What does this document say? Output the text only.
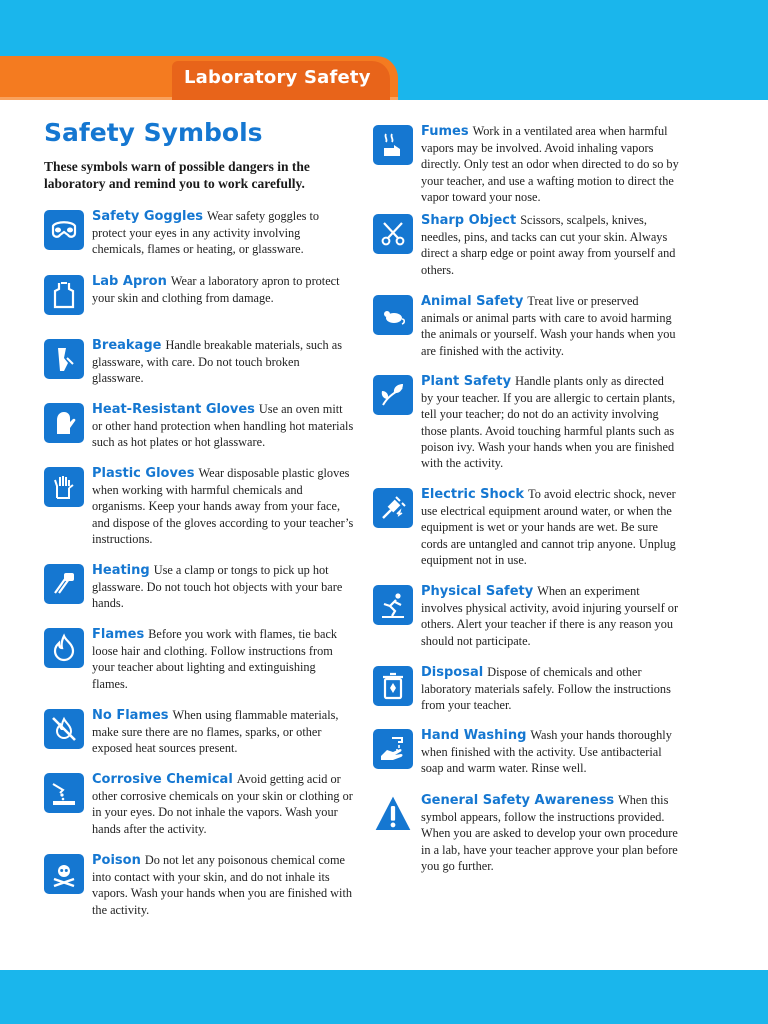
Laboratory Safety
Safety Symbols
These symbols warn of possible dangers in the laboratory and remind you to work carefully.
Safety Goggles Wear safety goggles to protect your eyes in any activity involving chemicals, flames or heating, or glassware.
Lab Apron Wear a laboratory apron to protect your skin and clothing from damage.
Breakage Handle breakable materials, such as glassware, with care. Do not touch broken glassware.
Heat-Resistant Gloves Use an oven mitt or other hand protection when handling hot materials such as hot plates or hot glassware.
Plastic Gloves Wear disposable plastic gloves when working with harmful chemicals and organisms. Keep your hands away from your face, and dispose of the gloves according to your teacher’s instructions.
Heating Use a clamp or tongs to pick up hot glassware. Do not touch hot objects with your bare hands.
Flames Before you work with flames, tie back loose hair and clothing. Follow instructions from your teacher about lighting and extinguishing flames.
No Flames When using flammable materials, make sure there are no flames, sparks, or other exposed heat sources present.
Corrosive Chemical Avoid getting acid or other corrosive chemicals on your skin or clothing or in your eyes. Do not inhale the vapors. Wash your hands after the activity.
Poison Do not let any poisonous chemical come into contact with your skin, and do not inhale its vapors. Wash your hands when you are finished with the activity.
Fumes Work in a ventilated area when harmful vapors may be involved. Avoid inhaling vapors directly. Only test an odor when directed to do so by your teacher, and use a wafting motion to direct the vapor toward your nose.
Sharp Object Scissors, scalpels, knives, needles, pins, and tacks can cut your skin. Always direct a sharp edge or point away from yourself and others.
Animal Safety Treat live or preserved animals or animal parts with care to avoid harming the animals or yourself. Wash your hands when you are finished with the activity.
Plant Safety Handle plants only as directed by your teacher. If you are allergic to certain plants, tell your teacher; do not do an activity involving those plants. Avoid touching harmful plants such as poison ivy. Wash your hands when you are finished with the activity.
Electric Shock To avoid electric shock, never use electrical equipment around water, or when the equipment is wet or your hands are wet. Be sure cords are untangled and cannot trip anyone. Unplug equipment not in use.
Physical Safety When an experiment involves physical activity, avoid injuring yourself or others. Alert your teacher if there is any reason you should not participate.
Disposal Dispose of chemicals and other laboratory materials safely. Follow the instructions from your teacher.
Hand Washing Wash your hands thoroughly when finished with the activity. Use antibacterial soap and warm water. Rinse well.
General Safety Awareness When this symbol appears, follow the instructions provided. When you are asked to develop your own procedure in a lab, have your teacher approve your plan before you go further.
